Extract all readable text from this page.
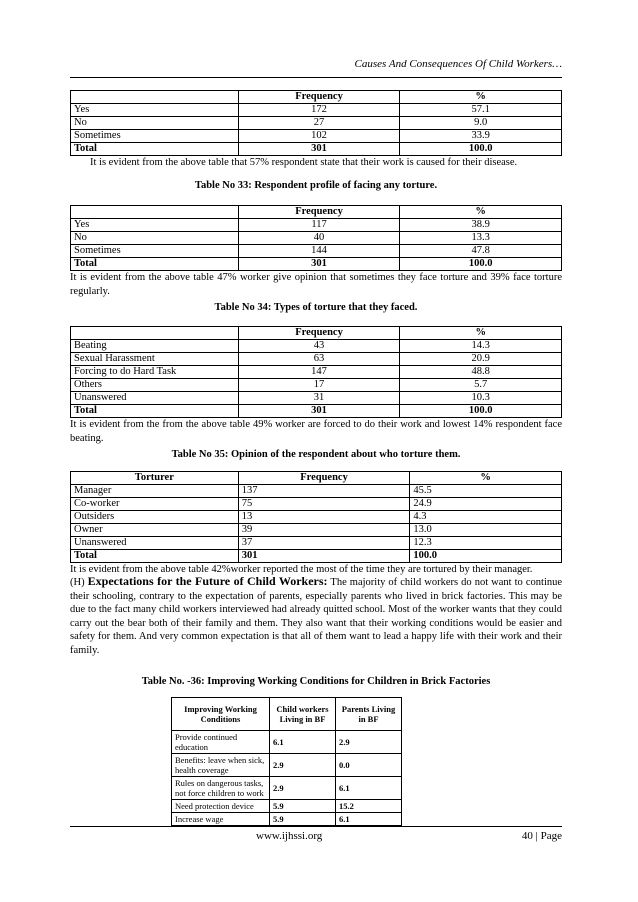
Causes And Consequences Of Child Workers…
	Frequency	%
Yes	172	57.1
No	27	9.0
Sometimes	102	33.9
Total	301	100.0

It is evident from the above table that 57% respondent state that their work is caused for their disease.

Table No 33: Respondent profile of facing any torture.

	Frequency	%
Yes	117	38.9
No	40	13.3
Sometimes	144	47.8
Total	301	100.0

It is evident from the above table 47% worker give opinion that sometimes they face torture and 39% face torture regularly.

Table No 34: Types of torture that they faced.

	Frequency	%
Beating	43	14.3
Sexual Harassment	63	20.9
Forcing to do Hard Task	147	48.8
Others	17	5.7
Unanswered	31	10.3
Total	301	100.0

It is evident from the from the above table 49% worker are forced to do their work and lowest 14% respondent face beating.

Table No 35: Opinion of the respondent about who torture them.

Torturer	Frequency	%
Manager	137	45.5
Co-worker	75	24.9
Outsiders	13	4.3
Owner	39	13.0
Unanswered	37	12.3
Total	301	100.0

It is evident from the above table 42%worker reported the most of the time they are tortured by their manager.

(H) Expectations for the Future of Child Workers: The majority of child workers do not want to continue their schooling, contrary to the expectation of parents, especially parents who lived in brick factories. This may be due to the fact many child workers interviewed had already quitted school. Most of the worker wants that they could carry out the bear both of their family and them. They also want that their working conditions would be easier and safety for them. And very common expectation is that all of them want to lead a happy life with their work and their family.

Table No. -36: Improving Working Conditions for Children in Brick Factories

Improving Working Conditions	Child workers Living in BF	Parents Living in BF
Provide continued education	6.1	2.9
Benefits: leave when sick, health coverage	2.9	0.0
Rules on dangerous tasks, not force children to work	2.9	6.1
Need protection device	5.9	15.2
Increase wage	5.9	6.1
www.ijhssi.org	40 | Page
